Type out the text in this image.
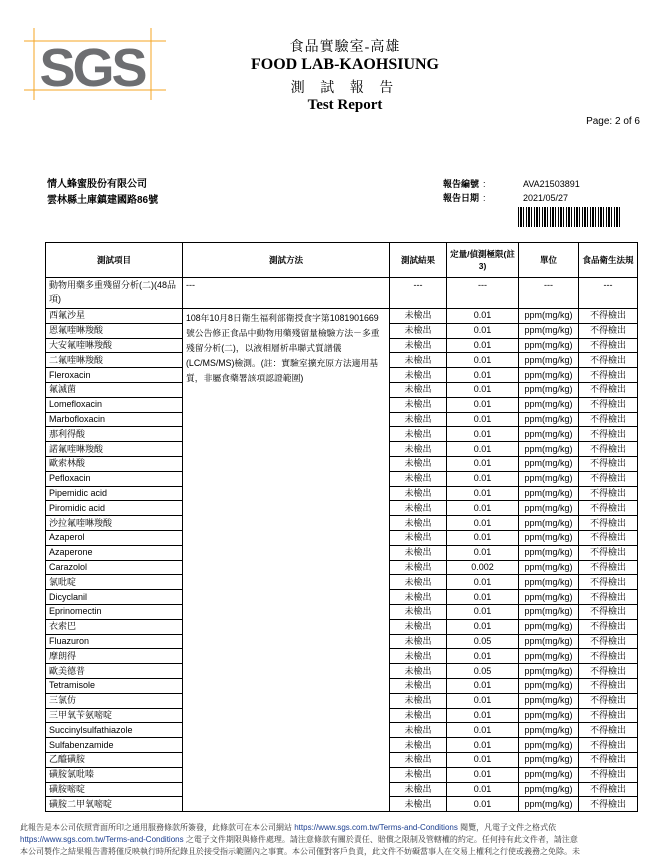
SGS	食品實驗室-高雄
FOOD LAB-KAOHSIUNG
測 試 報 告
Test Report
Page: 2 of 6
情人蜂蜜股份有限公司
雲林縣土庫鎮建國路86號
報告編號 :	AVA21503891
報告日期 :	2021/05/27
測試項目	測試方法	測試結果	定量/偵測極限(註3)	單位	食品衛生法規
動物用藥多重殘留分析(二)(48品項)	---	---	---	---	---
西氟沙星	108年10月8日衛生福利部衛授食字第1081901669號公告修正食品中動物用藥殘留量檢驗方法－多重殘留分析(二)，以液相層析串聯式質譜儀(LC/MS/MS)檢測。(註：實驗室擴充原方法適用基質，非屬食藥署該項認證範圍)	未檢出	0.01	ppm(mg/kg)	不得檢出
恩氟喹啉羧酸		未檢出	0.01	ppm(mg/kg)	不得檢出
大安氟喹啉羧酸		未檢出	0.01	ppm(mg/kg)	不得檢出
二氟喹啉羧酸		未檢出	0.01	ppm(mg/kg)	不得檢出
Fleroxacin		未檢出	0.01	ppm(mg/kg)	不得檢出
氟滅菌		未檢出	0.01	ppm(mg/kg)	不得檢出
Lomefloxacin		未檢出	0.01	ppm(mg/kg)	不得檢出
Marbofloxacin		未檢出	0.01	ppm(mg/kg)	不得檢出
那利得酸		未檢出	0.01	ppm(mg/kg)	不得檢出
諾氟喹啉羧酸		未檢出	0.01	ppm(mg/kg)	不得檢出
歐索林酸		未檢出	0.01	ppm(mg/kg)	不得檢出
Pefloxacin		未檢出	0.01	ppm(mg/kg)	不得檢出
Pipemidic acid		未檢出	0.01	ppm(mg/kg)	不得檢出
Piromidic acid		未檢出	0.01	ppm(mg/kg)	不得檢出
沙拉氟喹啉羧酸		未檢出	0.01	ppm(mg/kg)	不得檢出
Azaperol		未檢出	0.01	ppm(mg/kg)	不得檢出
Azaperone		未檢出	0.01	ppm(mg/kg)	不得檢出
Carazolol		未檢出	0.002	ppm(mg/kg)	不得檢出
氯吡啶		未檢出	0.01	ppm(mg/kg)	不得檢出
Dicyclanil		未檢出	0.01	ppm(mg/kg)	不得檢出
Eprinomectin		未檢出	0.01	ppm(mg/kg)	不得檢出
衣索巴		未檢出	0.01	ppm(mg/kg)	不得檢出
Fluazuron		未檢出	0.05	ppm(mg/kg)	不得檢出
摩朗得		未檢出	0.01	ppm(mg/kg)	不得檢出
歐美德普		未檢出	0.05	ppm(mg/kg)	不得檢出
Tetramisole		未檢出	0.01	ppm(mg/kg)	不得檢出
三氯仿		未檢出	0.01	ppm(mg/kg)	不得檢出
三甲氧苄氨嘧啶		未檢出	0.01	ppm(mg/kg)	不得檢出
Succinylsulfathiazole		未檢出	0.01	ppm(mg/kg)	不得檢出
Sulfabenzamide		未檢出	0.01	ppm(mg/kg)	不得檢出
乙醯磺胺		未檢出	0.01	ppm(mg/kg)	不得檢出
磺胺氯吡嗪		未檢出	0.01	ppm(mg/kg)	不得檢出
磺胺嘧啶		未檢出	0.01	ppm(mg/kg)	不得檢出
磺胺二甲氧嘧啶		未檢出	0.01	ppm(mg/kg)	不得檢出
此報告是本公司依照背面所印之通用服務條款所簽發，此條款可在本公司網站 https://www.sgs.com.tw/Terms-and-Conditions 閱覽，凡電子文件之格式依
https://www.sgs.com.tw/Terms-and-Conditions 之電子文件期限與條件處理。請注意條款有關於責任、賠償之限制及管轄權的約定。任何持有此文件者，請注意
本公司製作之結果報告書將僅反映執行時所紀錄且於接受指示範圍內之事實。本公司僅對客戶負責，此文件不妨礙當事人在交易上權利之行使或義務之免除。未
